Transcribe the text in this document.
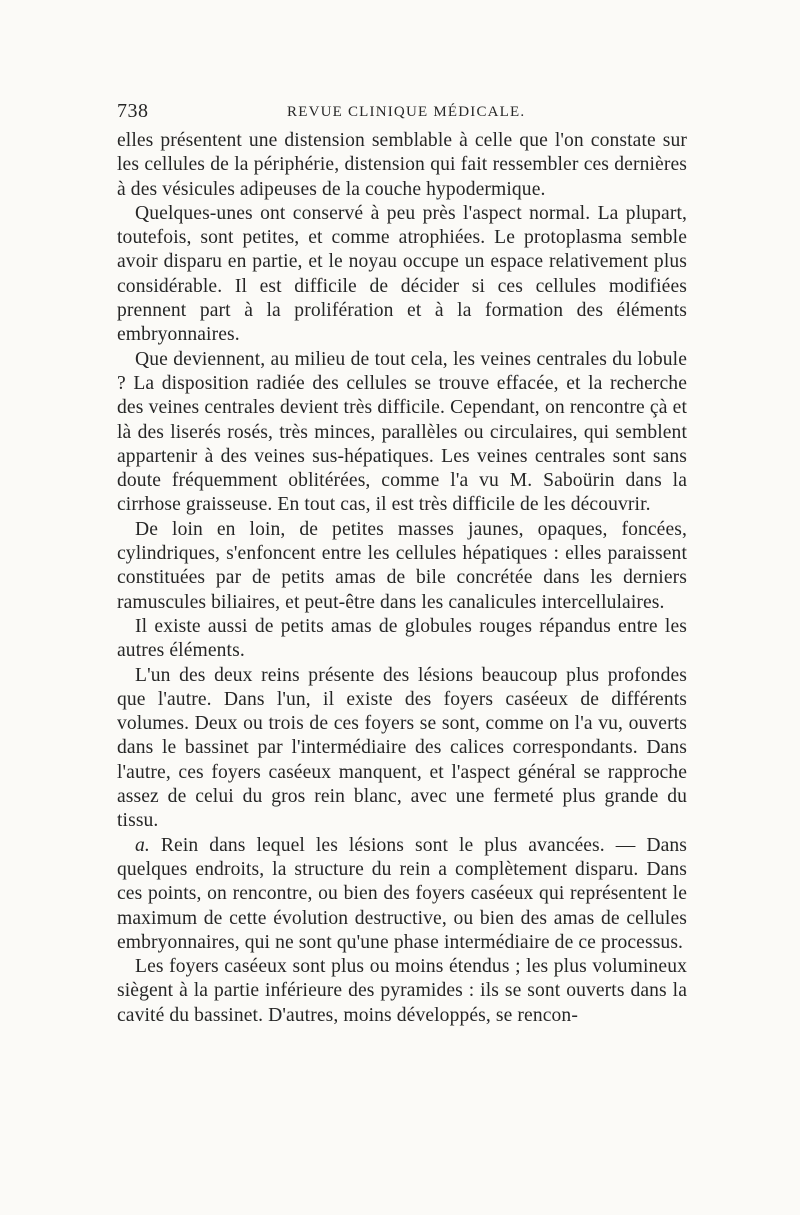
738	REVUE CLINIQUE MÉDICALE.

elles présentent une distension semblable à celle que l'on constate sur les cellules de la périphérie, distension qui fait ressembler ces dernières à des vésicules adipeuses de la couche hypodermique.

Quelques-unes ont conservé à peu près l'aspect normal. La plupart, toutefois, sont petites, et comme atrophiées. Le protoplasma semble avoir disparu en partie, et le noyau occupe un espace relativement plus considérable. Il est difficile de décider si ces cellules modifiées prennent part à la prolifération et à la formation des éléments embryonnaires.

Que deviennent, au milieu de tout cela, les veines centrales du lobule ? La disposition radiée des cellules se trouve effacée, et la recherche des veines centrales devient très difficile. Cependant, on rencontre çà et là des liserés rosés, très minces, parallèles ou circulaires, qui semblent appartenir à des veines sus-hépatiques. Les veines centrales sont sans doute fréquemment oblitérées, comme l'a vu M. Saboürin dans la cirrhose graisseuse. En tout cas, il est très difficile de les découvrir.

De loin en loin, de petites masses jaunes, opaques, foncées, cylindriques, s'enfoncent entre les cellules hépatiques : elles paraissent constituées par de petits amas de bile concrétée dans les derniers ramuscules biliaires, et peut-être dans les canalicules intercellulaires.

Il existe aussi de petits amas de globules rouges répandus entre les autres éléments.

L'un des deux reins présente des lésions beaucoup plus profondes que l'autre. Dans l'un, il existe des foyers caséeux de différents volumes. Deux ou trois de ces foyers se sont, comme on l'a vu, ouverts dans le bassinet par l'intermédiaire des calices correspondants. Dans l'autre, ces foyers caséeux manquent, et l'aspect général se rapproche assez de celui du gros rein blanc, avec une fermeté plus grande du tissu.

a. Rein dans lequel les lésions sont le plus avancées. — Dans quelques endroits, la structure du rein a complètement disparu. Dans ces points, on rencontre, ou bien des foyers caséeux qui représentent le maximum de cette évolution destructive, ou bien des amas de cellules embryonnaires, qui ne sont qu'une phase intermédiaire de ce processus.

Les foyers caséeux sont plus ou moins étendus ; les plus volumineux siègent à la partie inférieure des pyramides : ils se sont ouverts dans la cavité du bassinet. D'autres, moins développés, se rencon-
